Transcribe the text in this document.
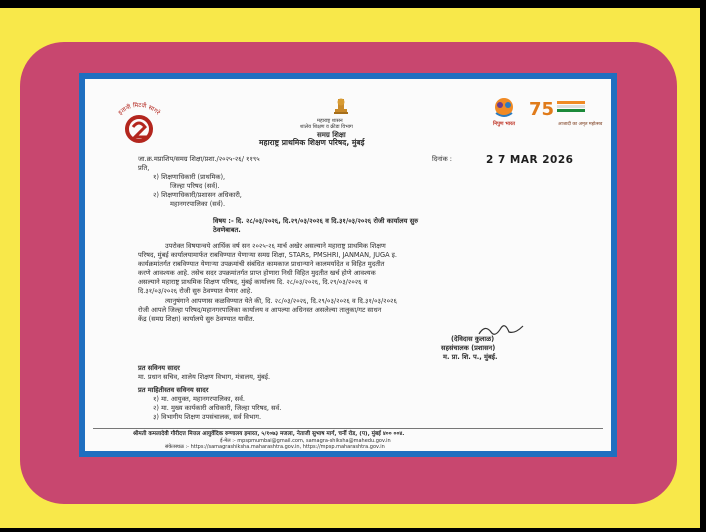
इतानी मिटवी सागरे
महाराष्ट्र शासन
शालेय शिक्षण व क्रीडा विभाग
समग्र शिक्षा
महाराष्ट्र प्राथमिक शिक्षण परिषद, मुंबई
निपुण भारत
75
आजादी का अमृत महोत्सव
जा.क्र.मप्राशिप/समग्र शिक्षा/प्रशा./२०२५-२६/ ११९५	दिनांक :	2 7 MAR 2026
प्रति,
१) शिक्षणाधिकारी (प्राथमिक),
जिल्हा परिषद (सर्व).
२) शिक्षणाधिकारी/प्रशासन अधिकारी,
महानगरपालिका (सर्व).
विषय :- दि. २८/०३/२०२६, दि.२९/०३/२०२६ व दि.३१/०३/२०२६ रोजी कार्यालय सुरु
ठेवणेबाबत.
उपरोक्त विषयान्वये आर्थिक वर्ष सन २०२५-२६ मार्च अखेर असल्याने महाराष्ट्र प्राथमिक शिक्षण
परिषद, मुंबई कार्यालयामार्फत राबविण्यात येणाऱ्या समग्र शिक्षा, STARs, PMSHRI, JANMAN, JUGA इ.
कार्यक्रमांतर्गत राबविण्यात येणाऱ्या उपक्रमांची संबंधित कामकाज प्राधान्याने कालमर्यादेत व विहित मुदतीत
करणे आवश्यक आहे. तसेच सदर उपक्रमांतर्गत प्राप्त होणारा निधी विहित मुदतीत खर्च होणे आवश्यक
असल्याने महाराष्ट्र प्राथमिक शिक्षण परिषद, मुंबई कार्यालय दि. २८/०३/२०२६, दि.२९/०३/२०२६ व
दि.३१/०३/२०२६ रोजी सुरु ठेवण्यात येणार आहे.
त्यानुषंगाने आपणास कळविण्यात येते की, दि. २८/०३/२०२६, दि.२९/०३/२०२६ व दि.३१/०३/२०२६
रोजी आपले जिल्हा परिषद/महानगरपालिका कार्यालय व आपल्या अधिनस्त असलेल्या तालुका/गट साधन
केंद्र (समग्र शिक्षा) कार्यालये सुरु ठेवण्यात यावीत.
(देविदास कुलाळ)
सहसंचालक (प्रशासन)
म. प्रा. शि. प., मुंबई.
प्रत सविनय सादर
मा. प्रधान सचिव, शालेय शिक्षण विभाग, मंत्रालय, मुंबई.
प्रत माहितीस्तव सविनय सादर
१) मा. आयुक्त, महानगरपालिका, सर्व.
२) मा. मुख्य कार्यकारी अधिकारी, जिल्हा परिषद, सर्व.
३) विभागीय शिक्षण उपसंचालक, सर्व विभाग.
श्रीमती कमलादेवी गौरीदत्त मित्तल आयुर्वेदिक रुग्णालय इमारत, ५/१०७३ मजला, नेताजी सुभाष मार्ग, चर्नी रोड, (प), मुंबई ४०० ००४.
ई-मेल :- mpspmumbai@gmail.com, samagra-shiksha@mahedu.gov.in
संकेतस्थळ :- https://samagrashiksha.maharashtra.gov.in, https://mpsp.maharashtra.gov.in
